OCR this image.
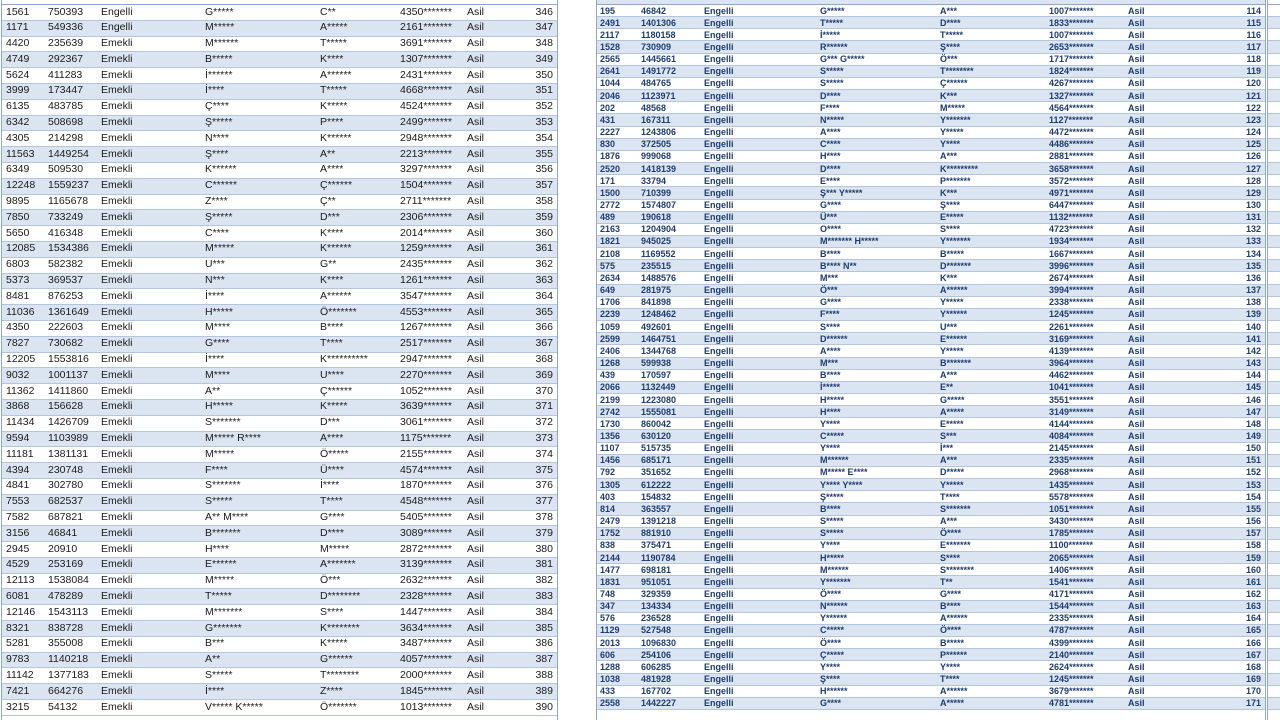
1561	750393	Engelli	G*****	C**	4350*******	Asil	346
1171	549336	Engelli	M*****	A*****	2161*******	Asil	347
4420	235639	Emekli	M******	T*****	3691*******	Asil	348
4749	292367	Emekli	B*****	K****	1307*******	Asil	349
5624	411283	Emekli	İ******	A******	2431*******	Asil	350
3999	173447	Emekli	İ****	T*****	4668*******	Asil	351
6135	483785	Emekli	Ç****	K*****	4524*******	Asil	352
6342	508698	Emekli	Ş*****	P****	2499*******	Asil	353
4305	214298	Emekli	N****	K******	2948*******	Asil	354
11563	1449254	Emekli	Ş****	A**	2213*******	Asil	355
6349	509530	Emekli	K******	A****	3297*******	Asil	356
12248	1559237	Emekli	C******	Ç******	1504*******	Asil	357
9895	1165678	Emekli	Z****	Ç**	2711*******	Asil	358
7850	733249	Emekli	Ş*****	D***	2306*******	Asil	359
5650	416348	Emekli	C****	K****	2014*******	Asil	360
12085	1534386	Emekli	M*****	K******	1259*******	Asil	361
6803	582382	Emekli	U***	G**	2435*******	Asil	362
5373	369537	Emekli	N***	K****	1261*******	Asil	363
8481	876253	Emekli	İ****	A******	3547*******	Asil	364
11036	1361649	Emekli	H*****	Ö*******	4553*******	Asil	365
4350	222603	Emekli	M****	B****	1267*******	Asil	366
7827	730682	Emekli	G****	T****	2517*******	Asil	367
12205	1553816	Emekli	İ****	K**********	2947*******	Asil	368
9032	1001137	Emekli	M****	U****	2270*******	Asil	369
11362	1411860	Emekli	A**	Ç******	1052*******	Asil	370
3868	156628	Emekli	H*****	K*****	3639*******	Asil	371
11434	1426709	Emekli	S*******	D***	3061*******	Asil	372
9594	1103989	Emekli	M***** R****	A****	1175*******	Asil	373
11181	1381131	Emekli	M*****	Ö*****	2155*******	Asil	374
4394	230748	Emekli	F****	Ü****	4574*******	Asil	375
4841	302780	Emekli	S*******	İ****	1870*******	Asil	376
7553	682537	Emekli	S*****	T****	4548*******	Asil	377
7582	687821	Emekli	A** M****	G****	5405*******	Asil	378
3156	46841	Emekli	B*******	D****	3089*******	Asil	379
2945	20910	Emekli	H****	M*****	2872*******	Asil	380
4529	253169	Emekli	E******	A*******	3139*******	Asil	381
12113	1538084	Emekli	M*****	Ö***	2632*******	Asil	382
6081	478289	Emekli	T*****	D********	2328*******	Asil	383
12146	1543113	Emekli	M*******	S****	1447*******	Asil	384
8321	838728	Emekli	G*******	K********	3634*******	Asil	385
5281	355008	Emekli	B***	K*****	3487*******	Asil	386
9783	1140218	Emekli	A**	G******	4057*******	Asil	387
11142	1377183	Emekli	S*****	T********	2000*******	Asil	388
7421	664276	Emekli	İ****	Z****	1845*******	Asil	389
3215	54132	Emekli	V***** K*****	Ö*******	1013*******	Asil	390
195	46842	Engelli	G*****	A***	1007*******	Asil	114
2491	1401306	Engelli	T*****	D****	1833*******	Asil	115
2117	1180158	Engelli	İ*****	T*****	1007*******	Asil	116
1528	730909	Engelli	R******	Ş****	2653*******	Asil	117
2565	1445661	Engelli	G*** G*****	Ö***	1717*******	Asil	118
2641	1491772	Engelli	S*****	T********	1824*******	Asil	119
1044	484765	Engelli	S*****	Ç******	4267*******	Asil	120
2046	1123971	Engelli	D****	K***	1327*******	Asil	121
202	48568	Engelli	F****	M*****	4564*******	Asil	122
431	167311	Engelli	N*****	Y*******	1127*******	Asil	123
2227	1243806	Engelli	A****	Y*****	4472*******	Asil	124
830	372505	Engelli	C****	Y****	4486*******	Asil	125
1876	999068	Engelli	H****	A***	2881*******	Asil	126
2520	1418139	Engelli	D****	K*********	3658*******	Asil	127
171	33794	Engelli	E****	P*******	3572*******	Asil	128
1500	710399	Engelli	Ş*** Y*****	K***	4971*******	Asil	129
2772	1574807	Engelli	G****	Ş****	6447*******	Asil	130
489	190618	Engelli	Ü***	E*****	1132*******	Asil	131
2163	1204904	Engelli	O****	S****	4723*******	Asil	132
1821	945025	Engelli	M******* H*****	Y*******	1934*******	Asil	133
2108	1169552	Engelli	B****	B*****	1667*******	Asil	134
575	235515	Engelli	B**** N**	D*******	3996*******	Asil	135
2634	1488576	Engelli	M***	K***	2674*******	Asil	136
649	281975	Engelli	Ö***	A******	3994*******	Asil	137
1706	841898	Engelli	G****	Y*****	2338*******	Asil	138
2239	1248462	Engelli	F****	Y******	1245*******	Asil	139
1059	492601	Engelli	S****	U***	2261*******	Asil	140
2599	1464751	Engelli	D******	E******	3169*******	Asil	141
2406	1344768	Engelli	A****	Y*****	4139*******	Asil	142
1268	599938	Engelli	M***	B*******	3964*******	Asil	143
439	170597	Engelli	B****	A***	4462*******	Asil	144
2066	1132449	Engelli	İ*****	E**	1041*******	Asil	145
2199	1223080	Engelli	H*****	G*****	3551*******	Asil	146
2742	1555081	Engelli	H****	A*****	3149*******	Asil	147
1730	860042	Engelli	Y****	E*****	4144*******	Asil	148
1356	630120	Engelli	C*****	S***	4084*******	Asil	149
1107	515735	Engelli	Y****	İ***	2145*******	Asil	150
1456	685171	Engelli	M******	A***	2335*******	Asil	151
792	351652	Engelli	M***** E****	D*****	2968*******	Asil	152
1305	612222	Engelli	Y**** Y****	Y*****	1435*******	Asil	153
403	154832	Engelli	Ş*****	T****	5578*******	Asil	154
814	363557	Engelli	B****	S*******	1051*******	Asil	155
2479	1391218	Engelli	S*****	A***	3430*******	Asil	156
1752	881910	Engelli	S*****	Ö****	1785*******	Asil	157
838	375471	Engelli	Y****	E*******	1100*******	Asil	158
2144	1190784	Engelli	H*****	S****	2065*******	Asil	159
1477	698181	Engelli	M******	S********	1406*******	Asil	160
1831	951051	Engelli	Y*******	T**	1541*******	Asil	161
748	329359	Engelli	Ö****	G****	4171*******	Asil	162
347	134334	Engelli	N******	B****	1544*******	Asil	163
576	236528	Engelli	Y******	A******	2335*******	Asil	164
1129	527548	Engelli	C*****	Ö****	4787*******	Asil	165
2013	1096830	Engelli	Ö****	B*****	4399*******	Asil	166
606	254106	Engelli	Ç*****	P******	2140*******	Asil	167
1288	606285	Engelli	Y****	Y****	2624*******	Asil	168
1038	481928	Engelli	Ş****	T****	1245*******	Asil	169
433	167702	Engelli	H******	A******	3679*******	Asil	170
2558	1442227	Engelli	G****	A*****	4781*******	Asil	171
